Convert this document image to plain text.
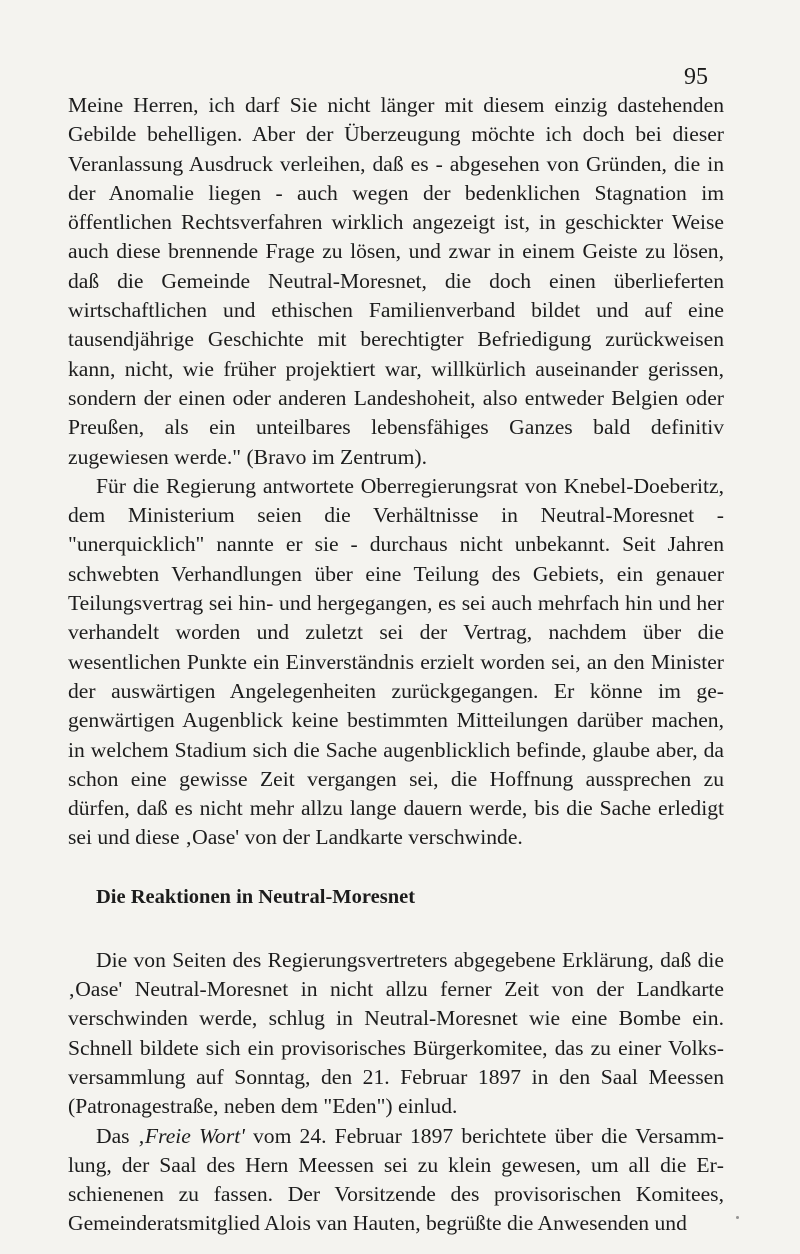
95

Meine Herren, ich darf Sie nicht länger mit diesem einzig dastehenden Gebilde behelligen. Aber der Überzeugung möchte ich doch bei dieser Veranlassung Ausdruck verleihen, daß es - abgesehen von Gründen, die in der Anomalie liegen - auch wegen der bedenklichen Stagnation im öffentlichen Rechtsverfahren wirklich angezeigt ist, in geschickter Weise auch diese brennende Frage zu lösen, und zwar in einem Geiste zu lösen, daß die Gemeinde Neutral-Moresnet, die doch einen überlieferten wirtschaftlichen und ethischen Familienverband bildet und auf eine tausendjährige Geschichte mit berechtigter Befriedigung zurückweisen kann, nicht, wie früher projektiert war, willkürlich auseinander gerissen, sondern der einen oder anderen Landeshoheit, also entweder Belgien oder Preußen, als ein unteilbares lebensfähiges Ganzes bald definitiv zugewiesen werde." (Bravo im Zentrum).

Für die Regierung antwortete Oberregierungsrat von Knebel-Doeberitz, dem Ministerium seien die Verhältnisse in Neutral-Moresnet - "unerquicklich" nannte er sie - durchaus nicht unbekannt. Seit Jahren schwebten Verhandlungen über eine Teilung des Gebiets, ein genauer Teilungsvertrag sei hin- und hergegangen, es sei auch mehrfach hin und her verhandelt worden und zuletzt sei der Vertrag, nachdem über die wesentlichen Punkte ein Einverständnis erzielt worden sei, an den Minister der auswärtigen Angelegenheiten zurückgegangen. Er könne im gegenwärtigen Augenblick keine bestimmten Mitteilungen darüber machen, in welchem Stadium sich die Sache augenblicklich befinde, glaube aber, da schon eine gewisse Zeit vergangen sei, die Hoffnung aussprechen zu dürfen, daß es nicht mehr allzu lange dauern werde, bis die Sache erledigt sei und diese ‚Oase' von der Landkarte verschwinde.

Die Reaktionen in Neutral-Moresnet

Die von Seiten des Regierungsvertreters abgegebene Erklärung, daß die ‚Oase' Neutral-Moresnet in nicht allzu ferner Zeit von der Landkarte verschwinden werde, schlug in Neutral-Moresnet wie eine Bombe ein. Schnell bildete sich ein provisorisches Bürgerkomitee, das zu einer Volksversammlung auf Sonntag, den 21. Februar 1897 in den Saal Meessen (Patronagestraße, neben dem "Eden") einlud.

Das ‚Freie Wort' vom 24. Februar 1897 berichtete über die Versammlung, der Saal des Hern Meessen sei zu klein gewesen, um all die Erschienenen zu fassen. Der Vorsitzende des provisorischen Komitees, Gemeinderatsmitglied Alois van Hauten, begrüßte die Anwesenden und
